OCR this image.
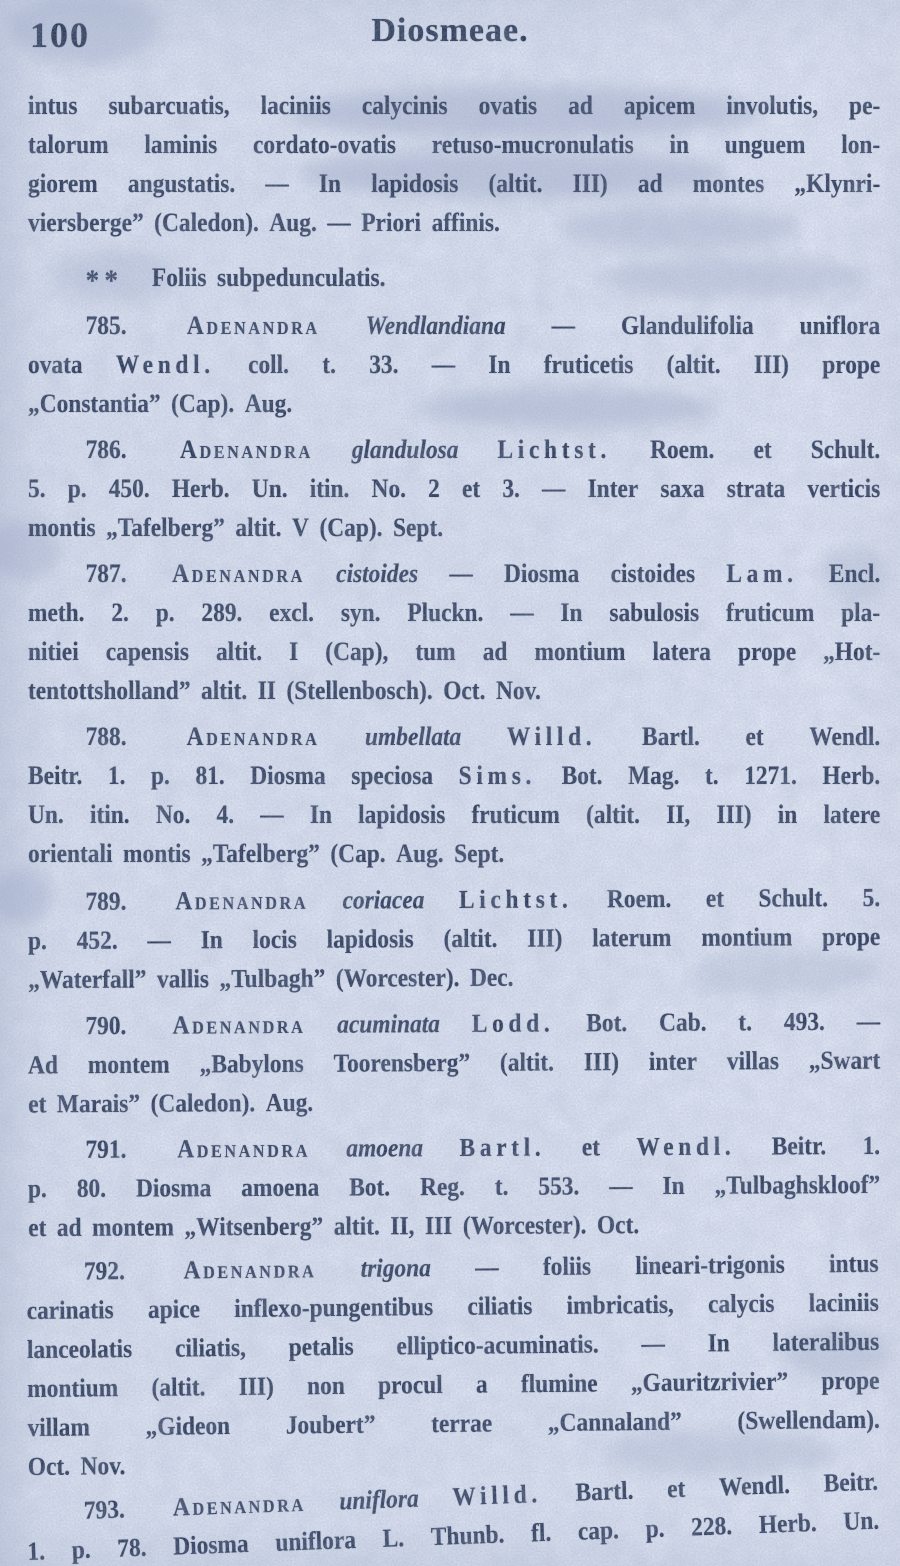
100	Diosmeae.
intus subarcuatis, laciniis calycinis ovatis ad apicem involutis, pe-
talorum laminis cordato-ovatis retuso-mucronulatis in unguem lon-
giorem angustatis. — In lapidosis (altit. III) ad montes „Klynri-
viersberge” (Caledon). Aug. — Priori affinis.
** Foliis subpedunculatis.
785. Adenandra Wendlandiana — Glandulifolia uniflora
ovata Wendl. coll. t. 33. — In fruticetis (altit. III) prope
„Constantia” (Cap). Aug.
786. Adenandra glandulosa Lichtst. Roem. et Schult.
5. p. 450. Herb. Un. itin. No. 2 et 3. — Inter saxa strata verticis
montis „Tafelberg” altit. V (Cap). Sept.
787. Adenandra cistoides — Diosma cistoides Lam. Encl.
meth. 2. p. 289. excl. syn. Pluckn. — In sabulosis fruticum pla-
nitiei capensis altit. I (Cap), tum ad montium latera prope „Hot-
tentottsholland” altit. II (Stellenbosch). Oct. Nov.
788. Adenandra umbellata Willd. Bartl. et Wendl.
Beitr. 1. p. 81. Diosma speciosa Sims. Bot. Mag. t. 1271. Herb.
Un. itin. No. 4. — In lapidosis fruticum (altit. II, III) in latere
orientali montis „Tafelberg” (Cap. Aug. Sept.
789. Adenandra coriacea Lichtst. Roem. et Schult. 5.
p. 452. — In locis lapidosis (altit. III) laterum montium prope
„Waterfall” vallis „Tulbagh” (Worcester). Dec.
790. Adenandra acuminata Lodd. Bot. Cab. t. 493. —
Ad montem „Babylons Toorensberg” (altit. III) inter villas „Swart
et Marais” (Caledon). Aug.
791. Adenandra amoena Bartl. et Wendl. Beitr. 1.
p. 80. Diosma amoena Bot. Reg. t. 553. — In „Tulbaghskloof”
et ad montem „Witsenberg” altit. II, III (Worcester). Oct.
792. Adenandra trigona — foliis lineari-trigonis intus
carinatis apice inflexo-pungentibus ciliatis imbricatis, calycis laciniis
lanceolatis ciliatis, petalis elliptico-acuminatis. — In lateralibus
montium (altit. III) non procul a flumine „Gauritzrivier” prope
villam „Gideon Joubert” terrae „Cannaland” (Swellendam).
Oct. Nov.
793. Adenandra uniflora Willd. Bartl. et Wendl. Beitr.
1. p. 78. Diosma uniflora L. Thunb. fl. cap. p. 228. Herb. Un.
